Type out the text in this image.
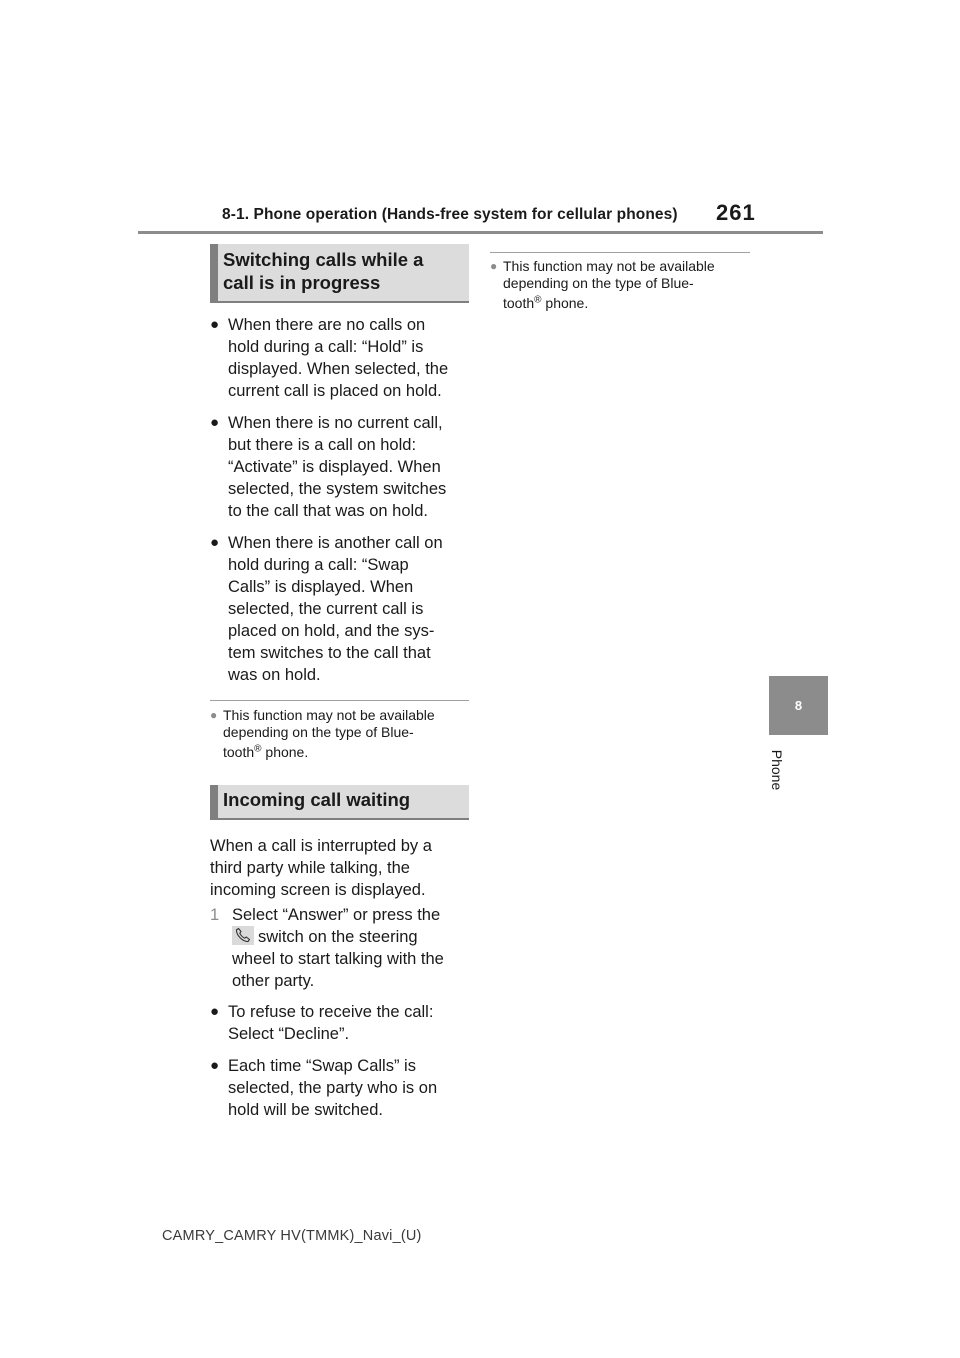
8-1. Phone operation (Hands-free system for cellular phones) 261
8
Phone
Switching calls while a
call is in progress
● When there are no calls on
hold during a call: “Hold” is
displayed. When selected, the
current call is placed on hold.
● When there is no current call,
but there is a call on hold:
“Activate” is displayed. When
selected, the system switches
to the call that was on hold.
● When there is another call on
hold during a call: “Swap
Calls” is displayed. When
selected, the current call is
placed on hold, and the sys-
tem switches to the call that
was on hold.
● This function may not be available
depending on the type of Blue-
tooth® phone.
Incoming call waiting
When a call is interrupted by a
third party while talking, the
incoming screen is displayed.
1 Select “Answer” or press the
switch on the steering
wheel to start talking with the
other party.
● To refuse to receive the call:
Select “Decline”.
● Each time “Swap Calls” is
selected, the party who is on
hold will be switched.
● This function may not be available
depending on the type of Blue-
tooth® phone.
CAMRY_CAMRY HV(TMMK)_Navi_(U)
